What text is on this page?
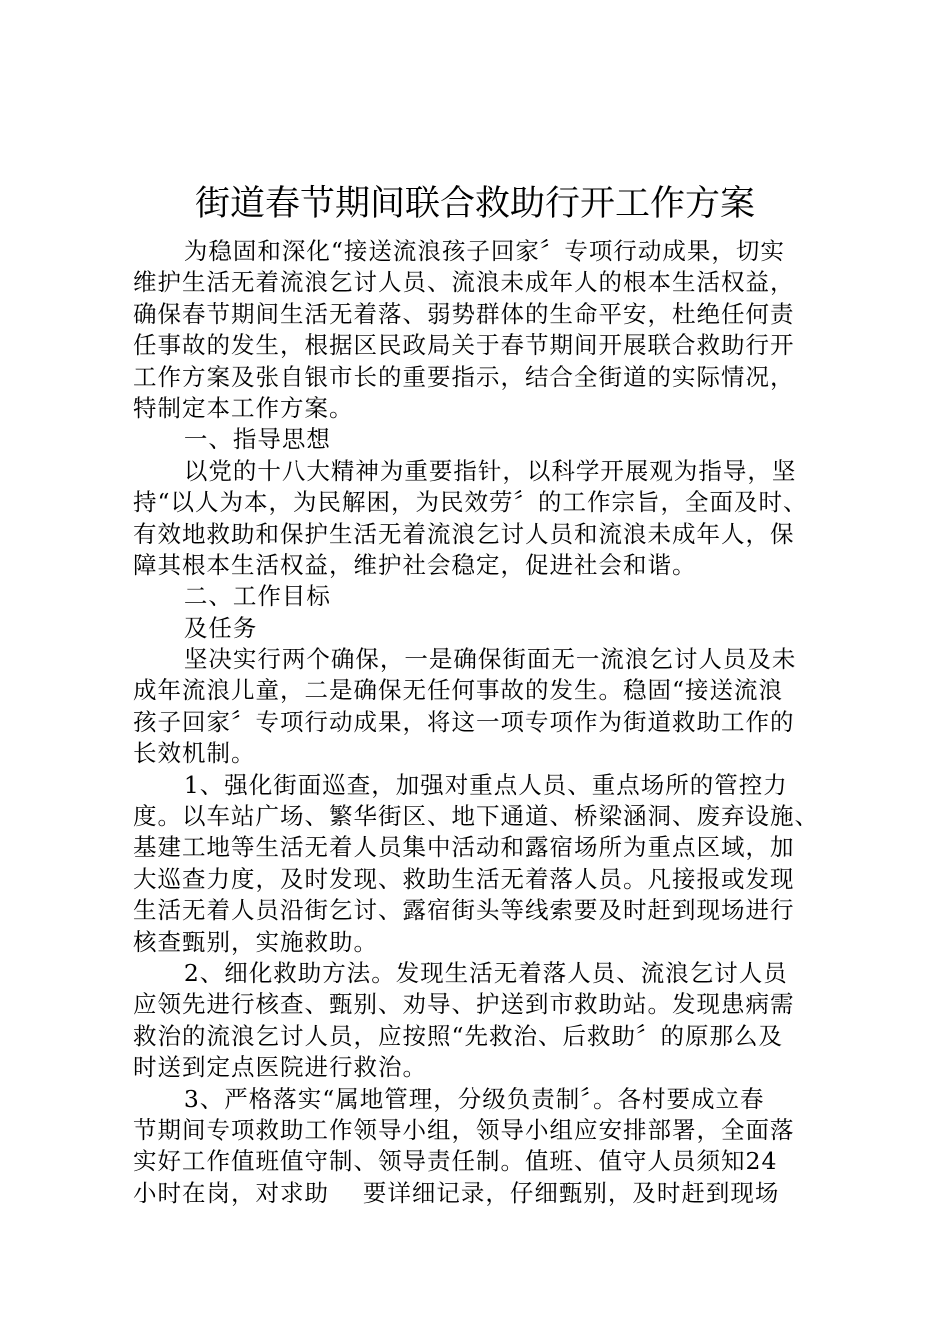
街道春节期间联合救助行开工作方案
为稳固和深化“接送流浪孩子回家〞专项行动成果，切实
维护生活无着流浪乞讨人员、流浪未成年人的根本生活权益，
确保春节期间生活无着落、弱势群体的生命平安，杜绝任何责
任事故的发生，根据区民政局关于春节期间开展联合救助行开
工作方案及张自银市长的重要指示，结合全街道的实际情况，
特制定本工作方案。
一、指导思想
以党的十八大精神为重要指针，以科学开展观为指导，坚
持“以人为本，为民解困，为民效劳〞的工作宗旨，全面及时、
有效地救助和保护生活无着流浪乞讨人员和流浪未成年人，保
障其根本生活权益，维护社会稳定，促进社会和谐。
二、工作目标
及任务
坚决实行两个确保，一是确保街面无一流浪乞讨人员及未
成年流浪儿童，二是确保无任何事故的发生。稳固“接送流浪
孩子回家〞专项行动成果，将这一项专项作为街道救助工作的
长效机制。
1、强化街面巡查，加强对重点人员、重点场所的管控力
度。以车站广场、繁华街区、地下通道、桥梁涵洞、废弃设施、
基建工地等生活无着人员集中活动和露宿场所为重点区域，加
大巡查力度，及时发现、救助生活无着落人员。凡接报或发现
生活无着人员沿街乞讨、露宿街头等线索要及时赶到现场进行
核查甄别，实施救助。
2、细化救助方法。发现生活无着落人员、流浪乞讨人员
应领先进行核查、甄别、劝导、护送到市救助站。发现患病需
救治的流浪乞讨人员，应按照“先救治、后救助〞的原那么及
时送到定点医院进行救治。
3、严格落实“属地管理，分级负责制〞。各村要成立春
节期间专项救助工作领导小组，领导小组应安排部署，全面落
实好工作值班值守制、领导责任制。值班、值守人员须知24
小时在岗，对求助    要详细记录，仔细甄别，及时赶到现场
